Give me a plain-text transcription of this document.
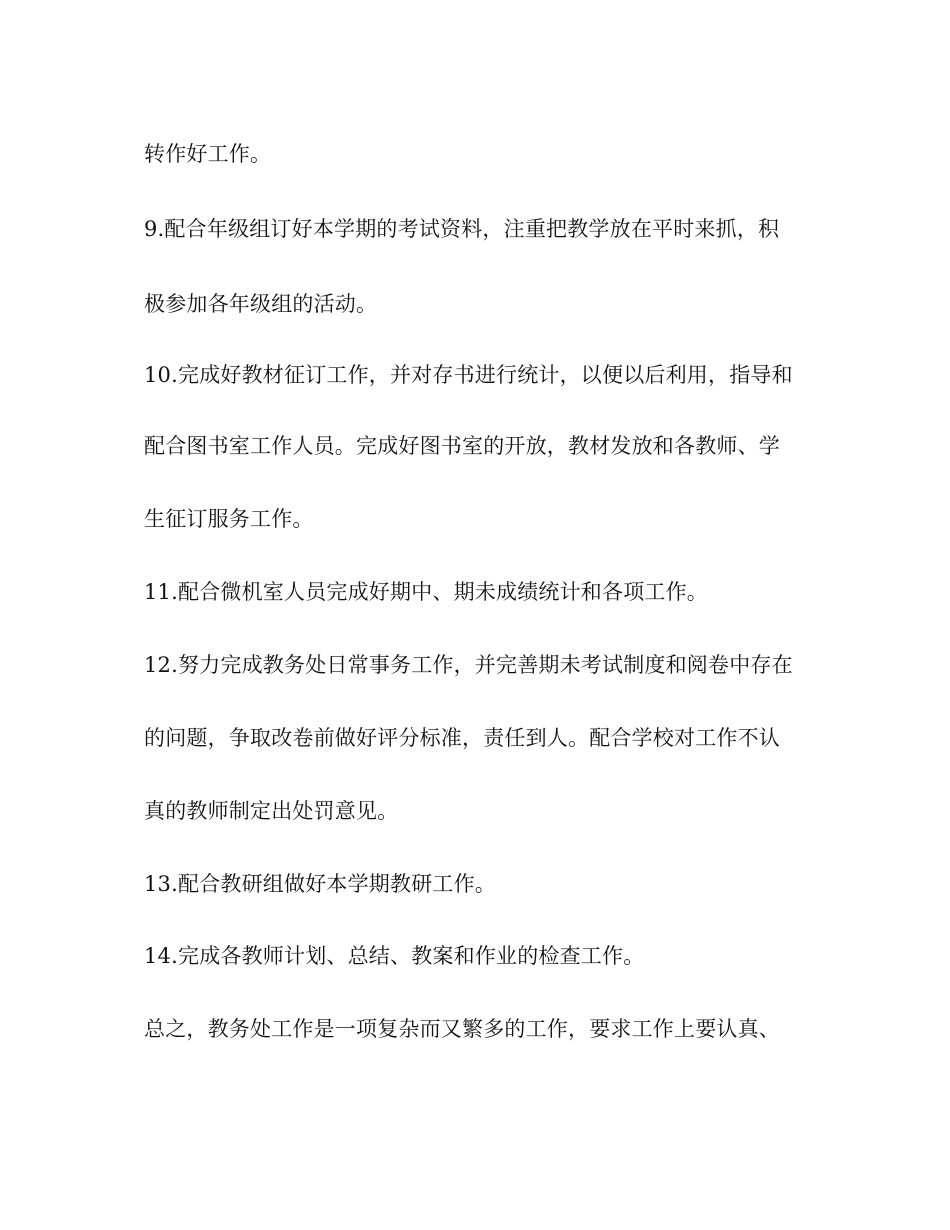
转作好工作。

9.配合年级组订好本学期的考试资料，注重把教学放在平时来抓，积

极参加各年级组的活动。

10.完成好教材征订工作，并对存书进行统计，以便以后利用，指导和

配合图书室工作人员。完成好图书室的开放，教材发放和各教师、学

生征订服务工作。

11.配合微机室人员完成好期中、期未成绩统计和各项工作。

12.努力完成教务处日常事务工作，并完善期未考试制度和阅卷中存在

的问题，争取改卷前做好评分标准，责任到人。配合学校对工作不认

真的教师制定出处罚意见。

13.配合教研组做好本学期教研工作。

14.完成各教师计划、总结、教案和作业的检查工作。

总之，教务处工作是一项复杂而又繁多的工作，要求工作上要认真、
